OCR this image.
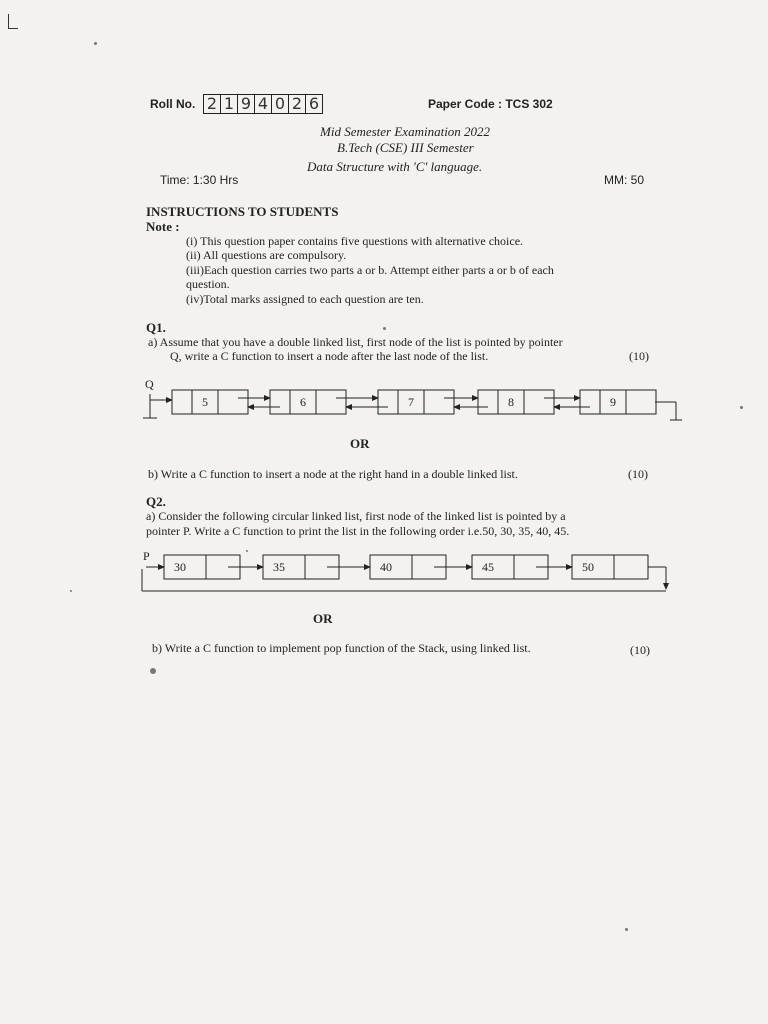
Roll No. 2 1 9 4 0 2 6	Paper Code : TCS 302
Mid Semester Examination 2022
B.Tech (CSE) III Semester
Data Structure with 'C' language.
Time: 1:30 Hrs	MM: 50
INSTRUCTIONS TO STUDENTS
Note :
(i) This question paper contains five questions with alternative choice.
(ii) All questions are compulsory.
(iii)Each question carries two parts a or b. Attempt either parts a or b of each
question.
(iv)Total marks assigned to each question are ten.
Q1.
a) Assume that you have a double linked list, first node of the list is pointed by pointer
Q, write a C function to insert a node after the last node of the list.	(10)
Q
5	6	7	8	9
OR
b) Write a C function to insert a node at the right hand in a double linked list.	(10)
Q2.
a) Consider the following circular linked list, first node of the linked list is pointed by a
pointer P. Write a C function to print the list in the following order i.e.50, 30, 35, 40, 45.
P
30	35	40	45	50
OR
b) Write a C function to implement pop function of the Stack, using linked list.	(10)
